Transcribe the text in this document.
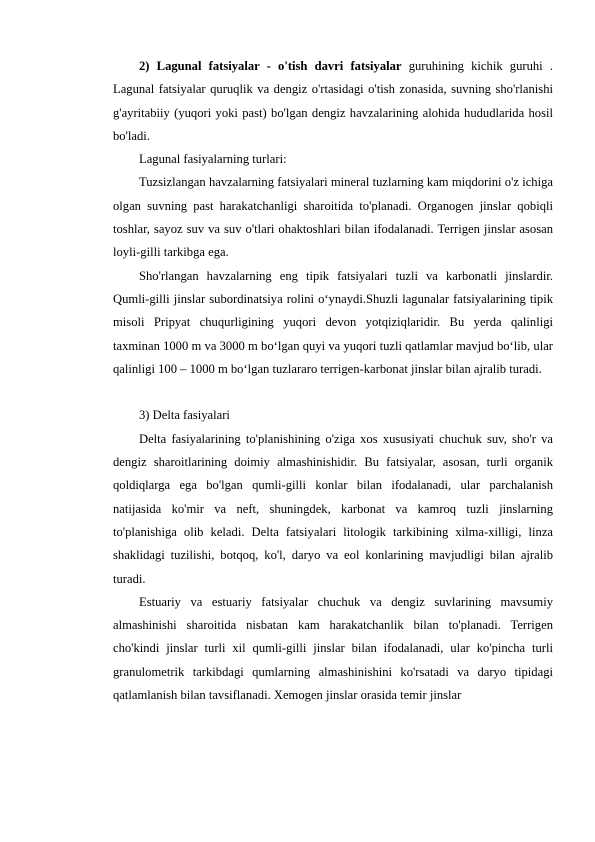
2) Lagunal fatsiyalar - o'tish davri fatsiyalar guruhining kichik guruhi . Lagunal fatsiyalar quruqlik va dengiz o'rtasidagi o'tish zonasida, suvning sho'rlanishi g'ayritabiiy (yuqori yoki past) bo'lgan dengiz havzalarining alohida hududlarida hosil bo'ladi.

Lagunal fasiyalarning turlari:

Tuzsizlangan havzalarning fatsiyalari mineral tuzlarning kam miqdorini o'z ichiga olgan suvning past harakatchanligi sharoitida to'planadi. Organogen jinslar qobiqli toshlar, sayoz suv va suv o'tlari ohaktoshlari bilan ifodalanadi. Terrigen jinslar asosan loyli-gilli tarkibga ega.

Sho'rlangan havzalarning eng tipik fatsiyalari tuzli va karbonatli jinslardir. Qumli-gilli jinslar subordinatsiya rolini o‘ynaydi.Shuzli lagunalar fatsiyalarining tipik misoli Pripyat chuqurligining yuqori devon yotqiziqlaridir. Bu yerda qalinligi taxminan 1000 m va 3000 m bo‘lgan quyi va yuqori tuzli qatlamlar mavjud bo‘lib, ular qalinligi 100 – 1000 m bo‘lgan tuzlararo terrigen-karbonat jinslar bilan ajralib turadi.

3) Delta fasiyalari

Delta fasiyalarining to'planishining o'ziga xos xususiyati chuchuk suv, sho'r va dengiz sharoitlarining doimiy almashinishidir. Bu fatsiyalar, asosan, turli organik qoldiqlarga ega bo'lgan qumli-gilli konlar bilan ifodalanadi, ular parchalanish natijasida ko'mir va neft, shuningdek, karbonat va kamroq tuzli jinslarning to'planishiga olib keladi. Delta fatsiyalari litologik tarkibining xilma-xilligi, linza shaklidagi tuzilishi, botqoq, ko'l, daryo va eol konlarining mavjudligi bilan ajralib turadi.

Estuariy va estuariy fatsiyalar chuchuk va dengiz suvlarining mavsumiy almashinishi sharoitida nisbatan kam harakatchanlik bilan to'planadi. Terrigen cho'kindi jinslar turli xil qumli-gilli jinslar bilan ifodalanadi, ular ko'pincha turli granulometrik tarkibdagi qumlarning almashinishini ko'rsatadi va daryo tipidagi qatlamlanish bilan tavsiflanadi. Xemogen jinslar orasida temir jinslar
